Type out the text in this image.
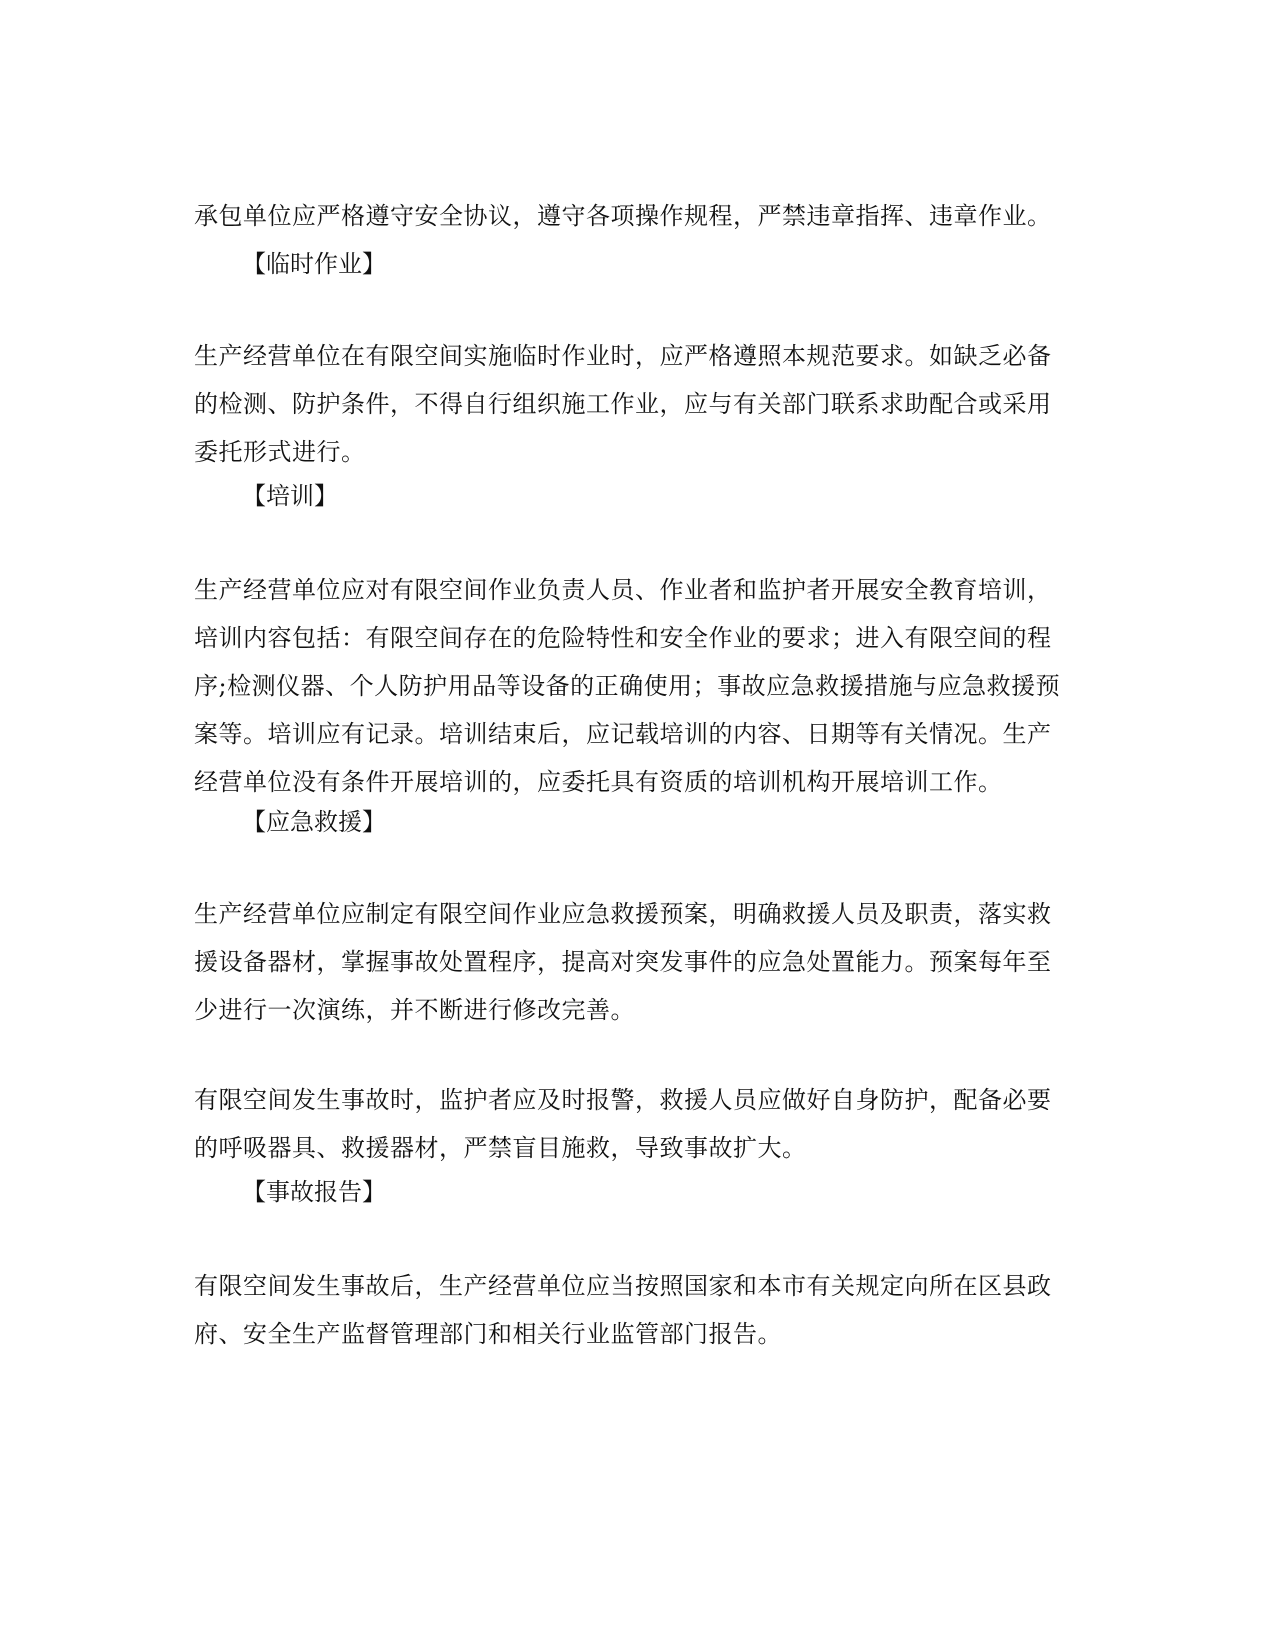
承包单位应严格遵守安全协议，遵守各项操作规程，严禁违章指挥、违章作业。
【临时作业】
生产经营单位在有限空间实施临时作业时，应严格遵照本规范要求。如缺乏必备
的检测、防护条件，不得自行组织施工作业，应与有关部门联系求助配合或采用
委托形式进行。
【培训】
生产经营单位应对有限空间作业负责人员、作业者和监护者开展安全教育培训，
培训内容包括：有限空间存在的危险特性和安全作业的要求；进入有限空间的程
序;检测仪器、个人防护用品等设备的正确使用；事故应急救援措施与应急救援预
案等。培训应有记录。培训结束后，应记载培训的内容、日期等有关情况。生产
经营单位没有条件开展培训的，应委托具有资质的培训机构开展培训工作。
【应急救援】
生产经营单位应制定有限空间作业应急救援预案，明确救援人员及职责，落实救
援设备器材，掌握事故处置程序，提高对突发事件的应急处置能力。预案每年至
少进行一次演练，并不断进行修改完善。
有限空间发生事故时，监护者应及时报警，救援人员应做好自身防护，配备必要
的呼吸器具、救援器材，严禁盲目施救，导致事故扩大。
【事故报告】
有限空间发生事故后，生产经营单位应当按照国家和本市有关规定向所在区县政
府、安全生产监督管理部门和相关行业监管部门报告。
